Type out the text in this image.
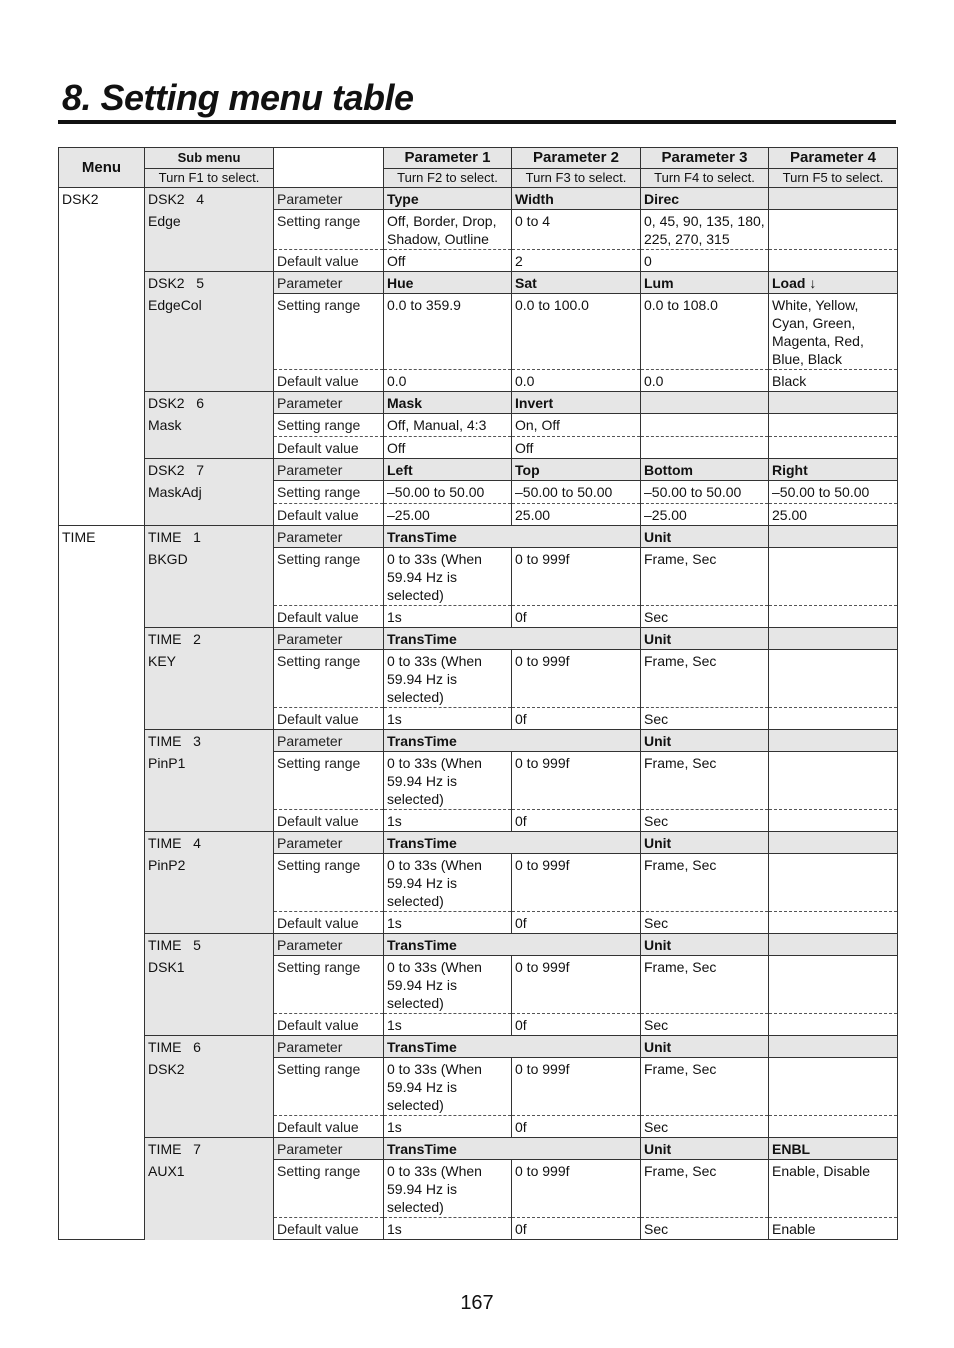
8. Setting menu table
Menu	Sub menu		Parameter 1	Parameter 2	Parameter 3	Parameter 4
	Turn F1 to select.		Turn F2 to select.	Turn F3 to select.	Turn F4 to select.	Turn F5 to select.
DSK2	DSK2   4	Parameter	Type	Width	Direc	
	Edge	Setting range	Off, Border, Drop, Shadow, Outline	0 to 4	0, 45, 90, 135, 180, 225, 270, 315	
		Default value	Off	2	0	
	DSK2   5	Parameter	Hue	Sat	Lum	Load ↓
	EdgeCol	Setting range	0.0 to 359.9	0.0 to 100.0	0.0 to 108.0	White, Yellow, Cyan, Green, Magenta, Red, Blue, Black
		Default value	0.0	0.0	0.0	Black
	DSK2   6	Parameter	Mask	Invert		
	Mask	Setting range	Off, Manual, 4:3	On, Off		
		Default value	Off	Off		
	DSK2   7	Parameter	Left	Top	Bottom	Right
	MaskAdj	Setting range	–50.00 to 50.00	–50.00 to 50.00	–50.00 to 50.00	–50.00 to 50.00
		Default value	–25.00	25.00	–25.00	25.00
TIME	TIME   1	Parameter	TransTime		Unit	
	BKGD	Setting range	0 to 33s (When 59.94 Hz is selected)	0 to 999f	Frame, Sec	
		Default value	1s	0f	Sec	
	TIME   2	Parameter	TransTime		Unit	
	KEY	Setting range	0 to 33s (When 59.94 Hz is selected)	0 to 999f	Frame, Sec	
		Default value	1s	0f	Sec	
	TIME   3	Parameter	TransTime		Unit	
	PinP1	Setting range	0 to 33s (When 59.94 Hz is selected)	0 to 999f	Frame, Sec	
		Default value	1s	0f	Sec	
	TIME   4	Parameter	TransTime		Unit	
	PinP2	Setting range	0 to 33s (When 59.94 Hz is selected)	0 to 999f	Frame, Sec	
		Default value	1s	0f	Sec	
	TIME   5	Parameter	TransTime		Unit	
	DSK1	Setting range	0 to 33s (When 59.94 Hz is selected)	0 to 999f	Frame, Sec	
		Default value	1s	0f	Sec	
	TIME   6	Parameter	TransTime		Unit	
	DSK2	Setting range	0 to 33s (When 59.94 Hz is selected)	0 to 999f	Frame, Sec	
		Default value	1s	0f	Sec	
	TIME   7	Parameter	TransTime		Unit	ENBL
	AUX1	Setting range	0 to 33s (When 59.94 Hz is selected)	0 to 999f	Frame, Sec	Enable, Disable
		Default value	1s	0f	Sec	Enable
167
